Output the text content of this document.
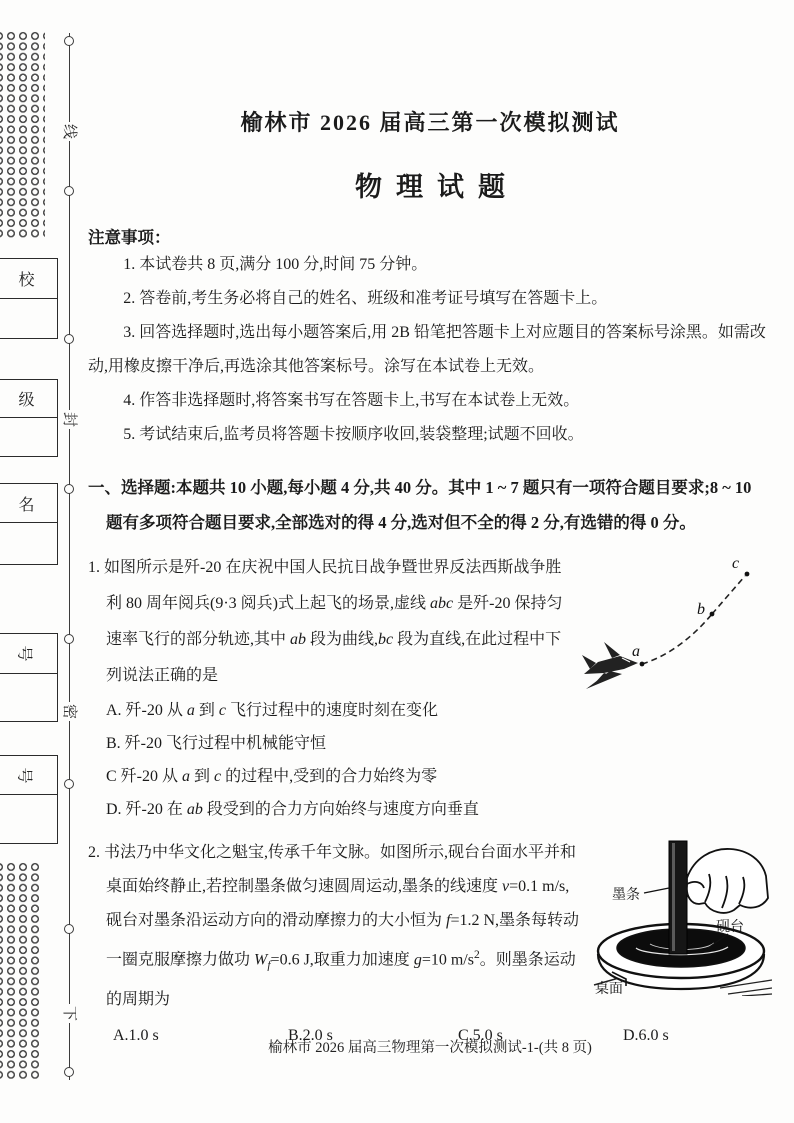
线
封
密
下
校
级
名
号
号
榆林市 2026 届高三第一次模拟测试
物理试题

注意事项：

1. 本试卷共 8 页,满分 100 分,时间 75 分钟。

2. 答卷前,考生务必将自己的姓名、班级和准考证号填写在答题卡上。

3. 回答选择题时,选出每小题答案后,用 2B 铅笔把答题卡上对应题目的答案标号涂黑。如需改动,用橡皮擦干净后,再选涂其他答案标号。涂写在本试卷上无效。

4. 作答非选择题时,将答案书写在答题卡上,书写在本试卷上无效。

5. 考试结束后,监考员将答题卡按顺序收回,装袋整理;试题不回收。

一、选择题:本题共 10 小题,每小题 4 分,共 40 分。其中 1 ~ 7 题只有一项符合题目要求;8 ~ 10 题有多项符合题目要求,全部选对的得 4 分,选对但不全的得 2 分,有选错的得 0 分。

a
b
c

1. 如图所示是歼-20 在庆祝中国人民抗日战争暨世界反法西斯战争胜利 80 周年阅兵(9·3 阅兵)式上起飞的场景,虚线 abc 是歼-20 保持匀速率飞行的部分轨迹,其中 ab 段为曲线,bc 段为直线,在此过程中下列说法正确的是

A. 歼-20 从 a 到 c 飞行过程中的速度时刻在变化

B. 歼-20 飞行过程中机械能守恒

C 歼-20 从 a 到 c 的过程中,受到的合力始终为零

D. 歼-20 在 ab 段受到的合力方向始终与速度方向垂直

墨条
砚台
桌面

2. 书法乃中华文化之魁宝,传承千年文脉。如图所示,砚台台面水平并和桌面始终静止,若控制墨条做匀速圆周运动,墨条的线速度 v=0.1 m/s,砚台对墨条沿运动方向的滑动摩擦力的大小恒为 f=1.2 N,墨条每转动一圈克服摩擦力做功 $W_f=0.6$ J,取重力加速度 g=10 $m/s^2$。则墨条运动的周期为

A.1.0 s	B.2.0 s	C.5.0 s	D.6.0 s
榆林市 2026 届高三物理第一次模拟测试-1-(共 8 页)
